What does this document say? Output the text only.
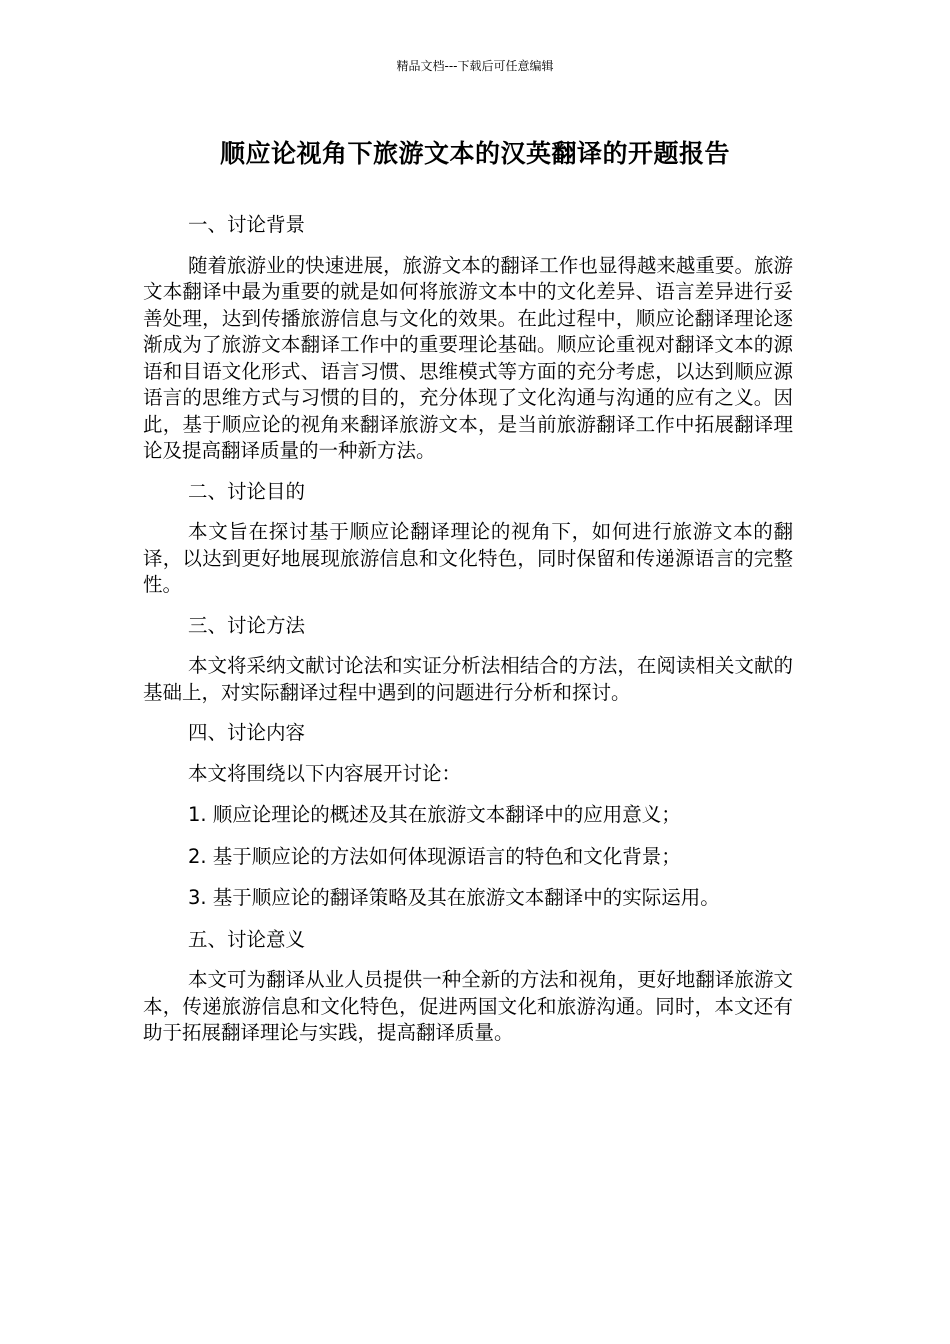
精品文档---下载后可任意编辑
顺应论视角下旅游文本的汉英翻译的开题报告
一、讨论背景
随着旅游业的快速进展，旅游文本的翻译工作也显得越来越重要。旅游文本翻译中最为重要的就是如何将旅游文本中的文化差异、语言差异进行妥善处理，达到传播旅游信息与文化的效果。在此过程中，顺应论翻译理论逐渐成为了旅游文本翻译工作中的重要理论基础。顺应论重视对翻译文本的源语和目语文化形式、语言习惯、思维模式等方面的充分考虑，以达到顺应源语言的思维方式与习惯的目的，充分体现了文化沟通与沟通的应有之义。因此，基于顺应论的视角来翻译旅游文本，是当前旅游翻译工作中拓展翻译理论及提高翻译质量的一种新方法。
二、讨论目的
本文旨在探讨基于顺应论翻译理论的视角下，如何进行旅游文本的翻译，以达到更好地展现旅游信息和文化特色，同时保留和传递源语言的完整性。
三、讨论方法
本文将采纳文献讨论法和实证分析法相结合的方法，在阅读相关文献的基础上，对实际翻译过程中遇到的问题进行分析和探讨。
四、讨论内容
本文将围绕以下内容展开讨论：
1. 顺应论理论的概述及其在旅游文本翻译中的应用意义；
2. 基于顺应论的方法如何体现源语言的特色和文化背景；
3. 基于顺应论的翻译策略及其在旅游文本翻译中的实际运用。
五、讨论意义
本文可为翻译从业人员提供一种全新的方法和视角，更好地翻译旅游文本，传递旅游信息和文化特色，促进两国文化和旅游沟通。同时，本文还有助于拓展翻译理论与实践，提高翻译质量。
